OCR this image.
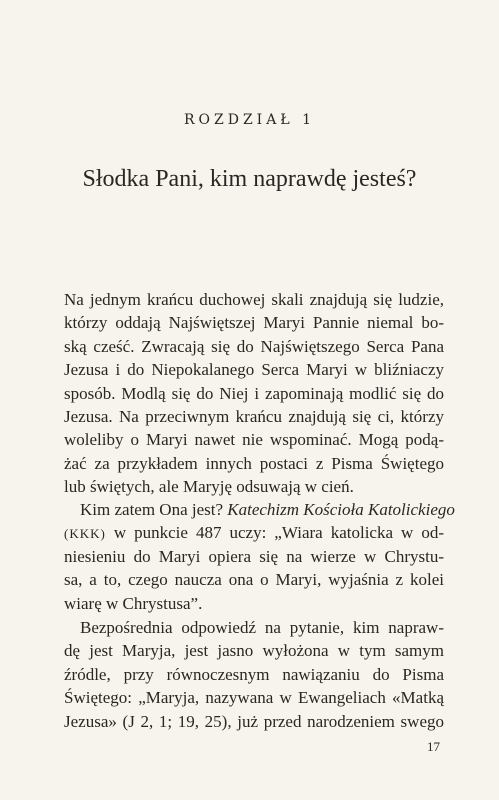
ROZDZIAŁ 1
Słodka Pani, kim naprawdę jesteś?
Na jednym krańcu duchowej skali znajdują się ludzie,
którzy oddają Najświętszej Maryi Pannie niemal bo-
ską cześć. Zwracają się do Najświętszego Serca Pana
Jezusa i do Niepokalanego Serca Maryi w bliźniaczy
sposób. Modlą się do Niej i zapominają modlić się do
Jezusa. Na przeciwnym krańcu znajdują się ci, którzy
woleliby o Maryi nawet nie wspominać. Mogą podą-
żać za przykładem innych postaci z Pisma Świętego
lub świętych, ale Maryję odsuwają w cień.
Kim zatem Ona jest? Katechizm Kościoła Katolickiego
(KKK) w punkcie 487 uczy: „Wiara katolicka w od-
niesieniu do Maryi opiera się na wierze w Chrystu-
sa, a to, czego naucza ona o Maryi, wyjaśnia z kolei
wiarę w Chrystusa”.
Bezpośrednia odpowiedź na pytanie, kim napraw-
dę jest Maryja, jest jasno wyłożona w tym samym
źródle, przy równoczesnym nawiązaniu do Pisma
Świętego: „Maryja, nazywana w Ewangeliach «Matką
Jezusa» (J 2, 1; 19, 25), już przed narodzeniem swego
17
